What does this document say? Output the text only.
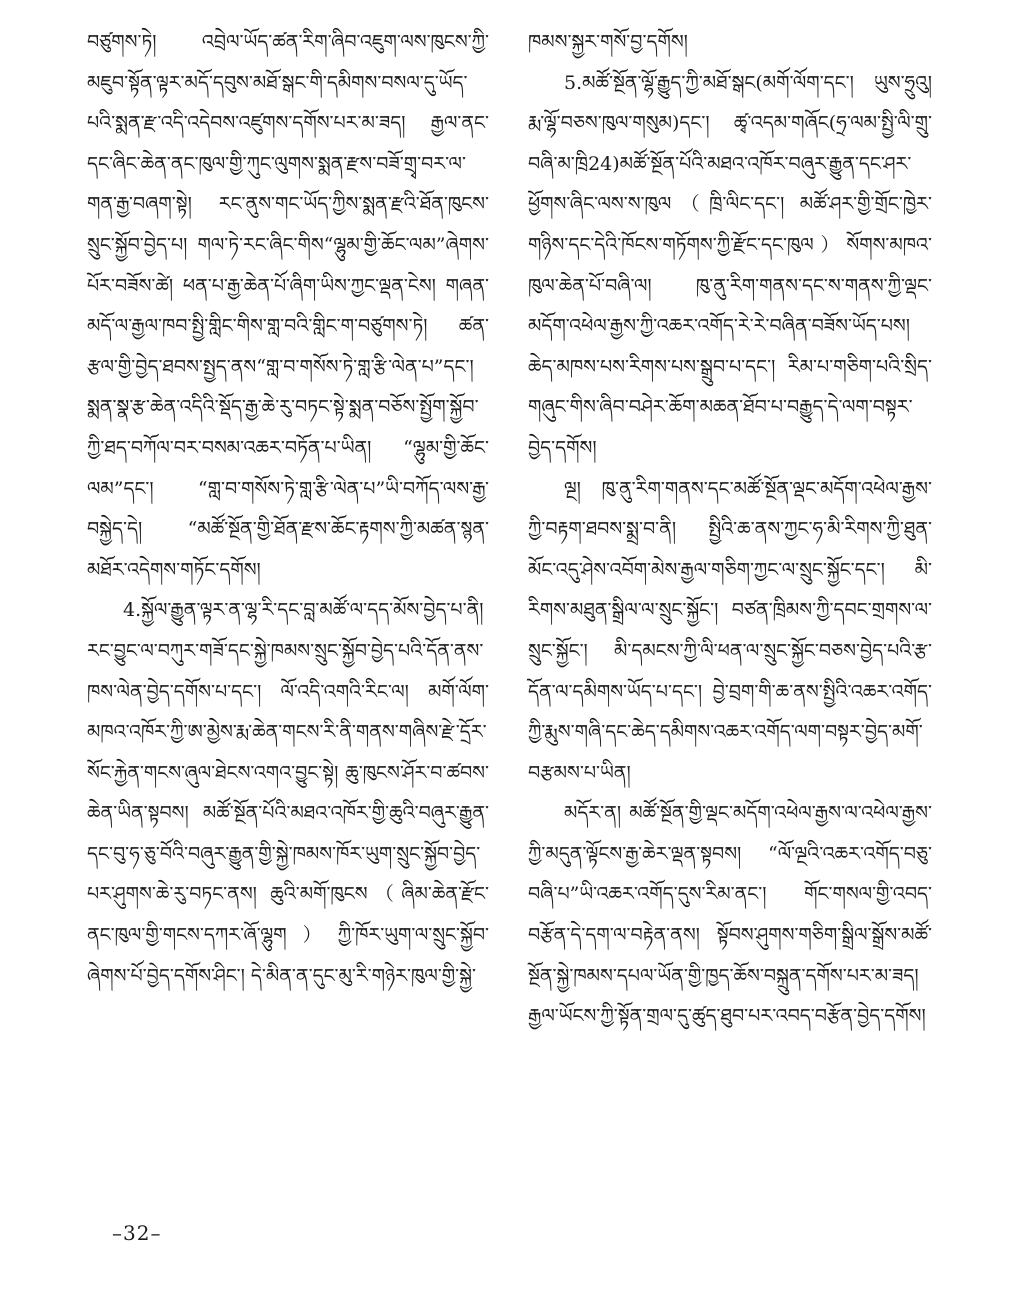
བཙུགས་ཏེ། འབྲེལ་ཡོད་ཚན་རིག་ཞིབ་འཇུག་ལས་ཁུངས་ཀྱི་མཇུབ་སྟོན་ལྟར་མདོ་དབུས་མཐོ་སྒང་གི་དམིགས་བསལ་དུ་ཡོད་པའི་སྨན་རྫ་འདི་འདེབས་འཛུགས་དགོས་པར་མ་ཟད། རྒྱལ་ནང་དང་ཞིང་ཆེན་ནང་ཁུལ་གྱི་ཀུང་ལུགས་སྨན་རྫས་བཟོ་གྲྭ་བར་ལ་གན་རྒྱ་བཞག་སྟེ། རང་ནུས་གང་ཡོད་ཀྱིས་སྨན་རྫའི་ཐོན་ཁུངས་སྲུང་སྐྱོབ་བྱེད་པ། གལ་ཏེ་རང་ཞིང་གིས“ལྷུམ་གྱི་ཆོང་ལམ”ཞེགས་པོར་བཟོས་ཚེ། ཕན་པ་རྒྱ་ཆེན་པོ་ཞིག་ཡིས་ཀྱང་ལྡན་ངེས། གཞན་མདོ་ལ་རྒྱལ་ཁབ་སྤྱི་གླིང་གིས་གླ་བའི་གླིང་ག་བཙུགས་ཏེ། ཚན་རྩལ་གྱི་བྱེད་ཐབས་སྤྱད་ནས“གླ་བ་གསོས་ཏེ་གླ་རྩི་ལེན་པ”དང་། སྨན་སྣ་རྩ་ཆེན་འདིའི་སྡོད་རྒྱ་ཆེ་རུ་བཏང་སྟེ་སྨན་བཅོས་སྤྱོག་སྐྱོབ་ཀྱི་ཐད་བཀོལ་བར་བསམ་འཆར་བཏོན་པ་ཡིན། “ལྷུམ་གྱི་ཆོང་ལམ”དང་། “གླ་བ་གསོས་ཏེ་གླ་རྩི་ལེན་པ”ཡི་བཀོད་ལས་རྒྱ་བསྐྱེད་དེ། “མཚོ་སྔོན་གྱི་ཐོན་རྫས་ཆོང་རྟགས་ཀྱི་མཚན་སྙན་མཐོར་འདེགས་གཏོང་དགོས།

4.སྐྱོལ་རྒྱུན་ལྟར་ན་ལྷ་རི་དང་བླ་མཚོ་ལ་དད་མོས་བྱེད་པ་ནི། རང་བྱུང་ལ་བཀུར་གཟོ་དང་སྐྱེ་ཁམས་སྲུང་སྐྱོབ་བྱེད་པའི་དོན་ནས་ཁས་ལེན་བྱེད་དགོས་པ་དང་། ལོ་འདི་འགའི་རིང་ལ། མགོ་ལོག་མཁའ་འཁོར་ཀྱི་ཨ་མྱེས་རྨ་ཆེན་གངས་རི་ནི་གནས་གཞིས་རྫེ་དྲོར་སོང་རྐྱེན་གངས་ཞུལ་ཐེངས་འགའ་བྱུང་སྟེ། ཆུ་ཁུངས་ཤོར་བ་ཚབས་ཆེན་ཡིན་སྟབས། མཚོ་སྔོན་པོའི་མཐའ་འཁོར་གྱི་ཆུའི་བཞུར་རྒྱུན་དང་བུ་ཧ་ཅུ་བོའི་བཞུར་རྒྱུན་གྱི་སྐྱེ་ཁམས་ཁོར་ཡུག་སྲུང་སྐྱོབ་བྱེད་པར་ཤུགས་ཆེ་རུ་བཏང་ནས། ཆུའི་མགོ་ཁུངས（ཞིམ་ཆེན་རྫོང་ནང་ཁུལ་གྱི་གངས་དཀར་ཞོ་ལྷུག）ཀྱི་ཁོར་ཡུག་ལ་སྲུང་སྐྱོབ་ཞེགས་པོ་བྱེད་དགོས་ཤིང་། དེ་མིན་ན་དུང་མུ་རི་གཉེར་ཁུལ་གྱི་སྐྱེ་

ཁམས་སྐྱར་གསོ་བྱ་དགོས།

5.མཚོ་སྔོན་ལྷོ་རྒྱུད་ཀྱི་མཐོ་སྒང(མགོ་ལོག་དང་། ཡུས་ཧྲུའུ། རྨ་ལྷོ་བཅས་ཁུལ་གསུམ)དང་། ཚྭ་འདམ་གཞོང(ཧྲ་ལམ་སྤྱི་ལི་གྲུ་བཞི་མ་ཁྲི24)མཚོ་སྔོན་པོའི་མཐའ་འཁོར་བཞུར་རྒྱུན་དང་ཤར་ཕྱོགས་ཞིང་ལས་ས་ཁུལ（ཁྲི་ལིང་དང་། མཚོ་ཤར་གྱི་གྲོང་ཁྱེར་གཉིས་དང་དེའི་ཁོངས་གཏོགས་ཀྱི་རྫོང་དང་ཁུལ）སོགས་མཁའ་ཁུལ་ཆེན་པོ་བཞི་ལ། ཁུ་ནུ་རིག་གནས་དང་ས་གནས་ཀྱི་ལྡང་མདོག་འཕེལ་རྒྱས་ཀྱི་འཆར་འགོད་རེ་རེ་བཞིན་བཟོས་ཡོད་པས། ཆེད་མཁས་པས་རིགས་པས་སྒྲུབ་པ་དང་། རིམ་པ་གཅིག་པའི་སྲིད་གཞུང་གིས་ཞིབ་བཤེར་ཆོག་མཆན་ཐོབ་པ་བརྒྱུད་དེ་ལག་བསྟར་བྱེད་དགོས།

ལྔ། ཁུ་ནུ་རིག་གནས་དང་མཚོ་སྔོན་ལྡང་མདོག་འཕེལ་རྒྱས་ཀྱི་བརྟག་ཐབས་སྨྲ་བ་ནི། སྤྱིའི་ཆ་ནས་ཀྱང་ཧ་མི་རིགས་ཀྱི་ཐུན་མོང་འདུ་ཤེས་འབོག་མེས་རྒྱལ་གཅིག་ཀྱང་ལ་སྲུང་སྐྱོང་དང་། མི་རིགས་མཐུན་སྒྲིལ་ལ་སྲུང་སྐྱོང་། བཙན་ཁྲིམས་ཀྱི་དབང་གྲགས་ལ་སྲུང་སྐྱོང་། མི་དམངས་ཀྱི་ལི་ཕན་ལ་སྲུང་སྐྱོང་བཅས་བྱེད་པའི་རྩ་དོན་ལ་དམིགས་ཡོད་པ་དང་། བྱེ་བྲག་གི་ཆ་ནས་སྤྱིའི་འཆར་འགོད་ཀྱི་རྨུས་གཞི་དང་ཆེད་དམིགས་འཆར་འགོད་ལག་བསྟར་བྱེད་མགོ་བརྩམས་པ་ཡིན།

མདོར་ན། མཚོ་སྔོན་གྱི་ལྡང་མདོག་འཕེལ་རྒྱས་ལ་འཕེལ་རྒྱས་ཀྱི་མདུན་ལྟོངས་རྒྱ་ཆེར་ལྡན་སྟབས། “ལོ་ལྔའི་འཆར་འགོད་བཅུ་བཞི་པ”ཡི་འཆར་འགོད་དུས་རིམ་ནང་། གོང་གསལ་གྱི་འབད་བརྩོན་དེ་དག་ལ་བརྟེན་ནས། སྟོབས་ཤུགས་གཅིག་སྒྲིལ་སྒྲོས་མཚོ་སྔོན་སྐྱེ་ཁམས་དཔལ་ཡོན་གྱི་ཁྱད་ཆོས་བསྐྲུན་དགོས་པར་མ་ཟད། རྒྱལ་ཡོངས་ཀྱི་སྟོན་གྲལ་དུ་ཚུད་ཐུབ་པར་འབད་བརྩོན་བྱེད་དགོས།

–32–
